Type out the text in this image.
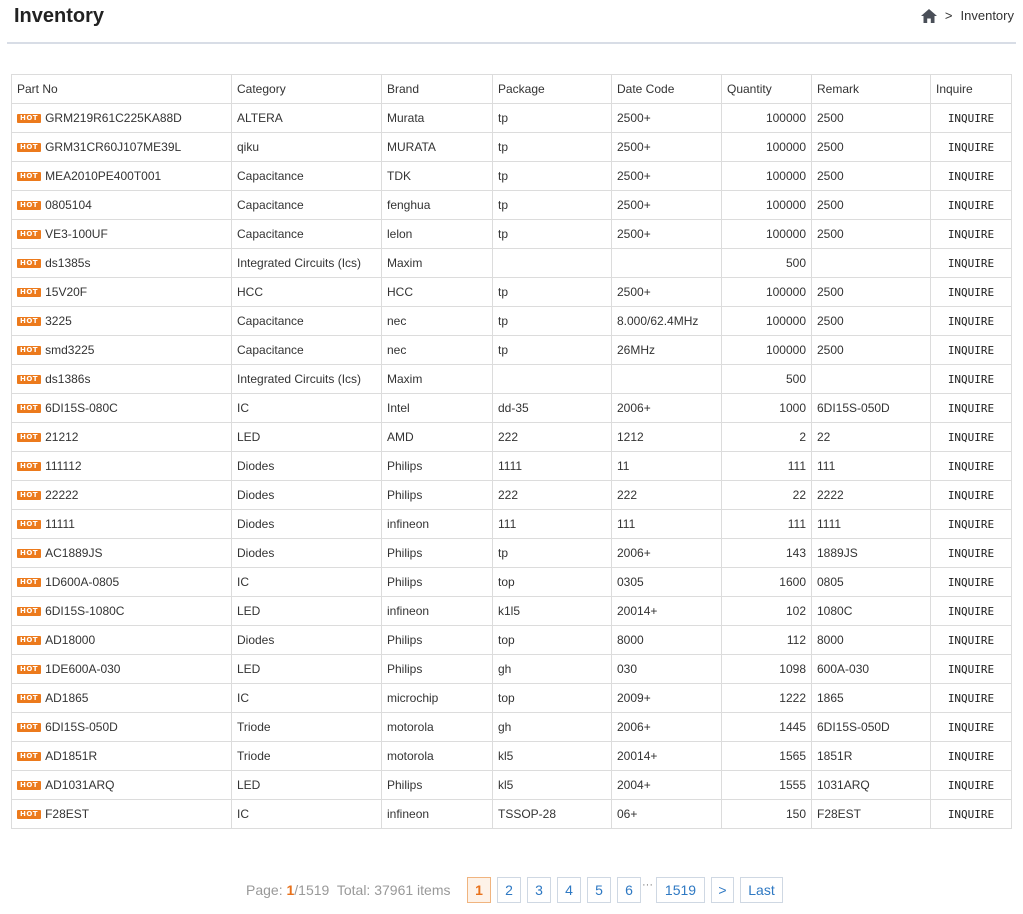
Inventory	> Inventory
Part No	Category	Brand	Package	Date Code	Quantity	Remark	Inquire

HOT GRM219R61C225KA88D	ALTERA	Murata	tp	2500+	100000	2500	INQUIRE

HOT GRM31CR60J107ME39L	qiku	MURATA	tp	2500+	100000	2500	INQUIRE

HOT MEA2010PE400T001	Capacitance	TDK	tp	2500+	100000	2500	INQUIRE

HOT 0805104	Capacitance	fenghua	tp	2500+	100000	2500	INQUIRE

HOT VE3-100UF	Capacitance	lelon	tp	2500+	100000	2500	INQUIRE

HOT ds1385s	Integrated Circuits (Ics)	Maxim			500		INQUIRE

HOT 15V20F	HCC	HCC	tp	2500+	100000	2500	INQUIRE

HOT 3225	Capacitance	nec	tp	8.000/62.4MHz	100000	2500	INQUIRE

HOT smd3225	Capacitance	nec	tp	26MHz	100000	2500	INQUIRE

HOT ds1386s	Integrated Circuits (Ics)	Maxim			500		INQUIRE

HOT 6DI15S-080C	IC	Intel	dd-35	2006+	1000	6DI15S-050D	INQUIRE

HOT 21212	LED	AMD	222	1212	2	22	INQUIRE

HOT 111112	Diodes	Philips	1111	11	111	111	INQUIRE

HOT 22222	Diodes	Philips	222	222	22	2222	INQUIRE

HOT 11111	Diodes	infineon	111	111	111	1111	INQUIRE

HOT AC1889JS	Diodes	Philips	tp	2006+	143	1889JS	INQUIRE

HOT 1D600A-0805	IC	Philips	top	0305	1600	0805	INQUIRE

HOT 6DI15S-1080C	LED	infineon	k1l5	20014+	102	1080C	INQUIRE

HOT AD18000	Diodes	Philips	top	8000	112	8000	INQUIRE

HOT 1DE600A-030	LED	Philips	gh	030	1098	600A-030	INQUIRE

HOT AD1865	IC	microchip	top	2009+	1222	1865	INQUIRE

HOT 6DI15S-050D	Triode	motorola	gh	2006+	1445	6DI15S-050D	INQUIRE

HOT AD1851R	Triode	motorola	kl5	20014+	1565	1851R	INQUIRE

HOT AD1031ARQ	LED	Philips	kl5	2004+	1555	1031ARQ	INQUIRE

HOT F28EST	IC	infineon	TSSOP-28	06+	150	F28EST	INQUIRE
Page: 1/1519  Total: 37961 items	1	2	3	4	5	6 ··· 1519	>	Last
